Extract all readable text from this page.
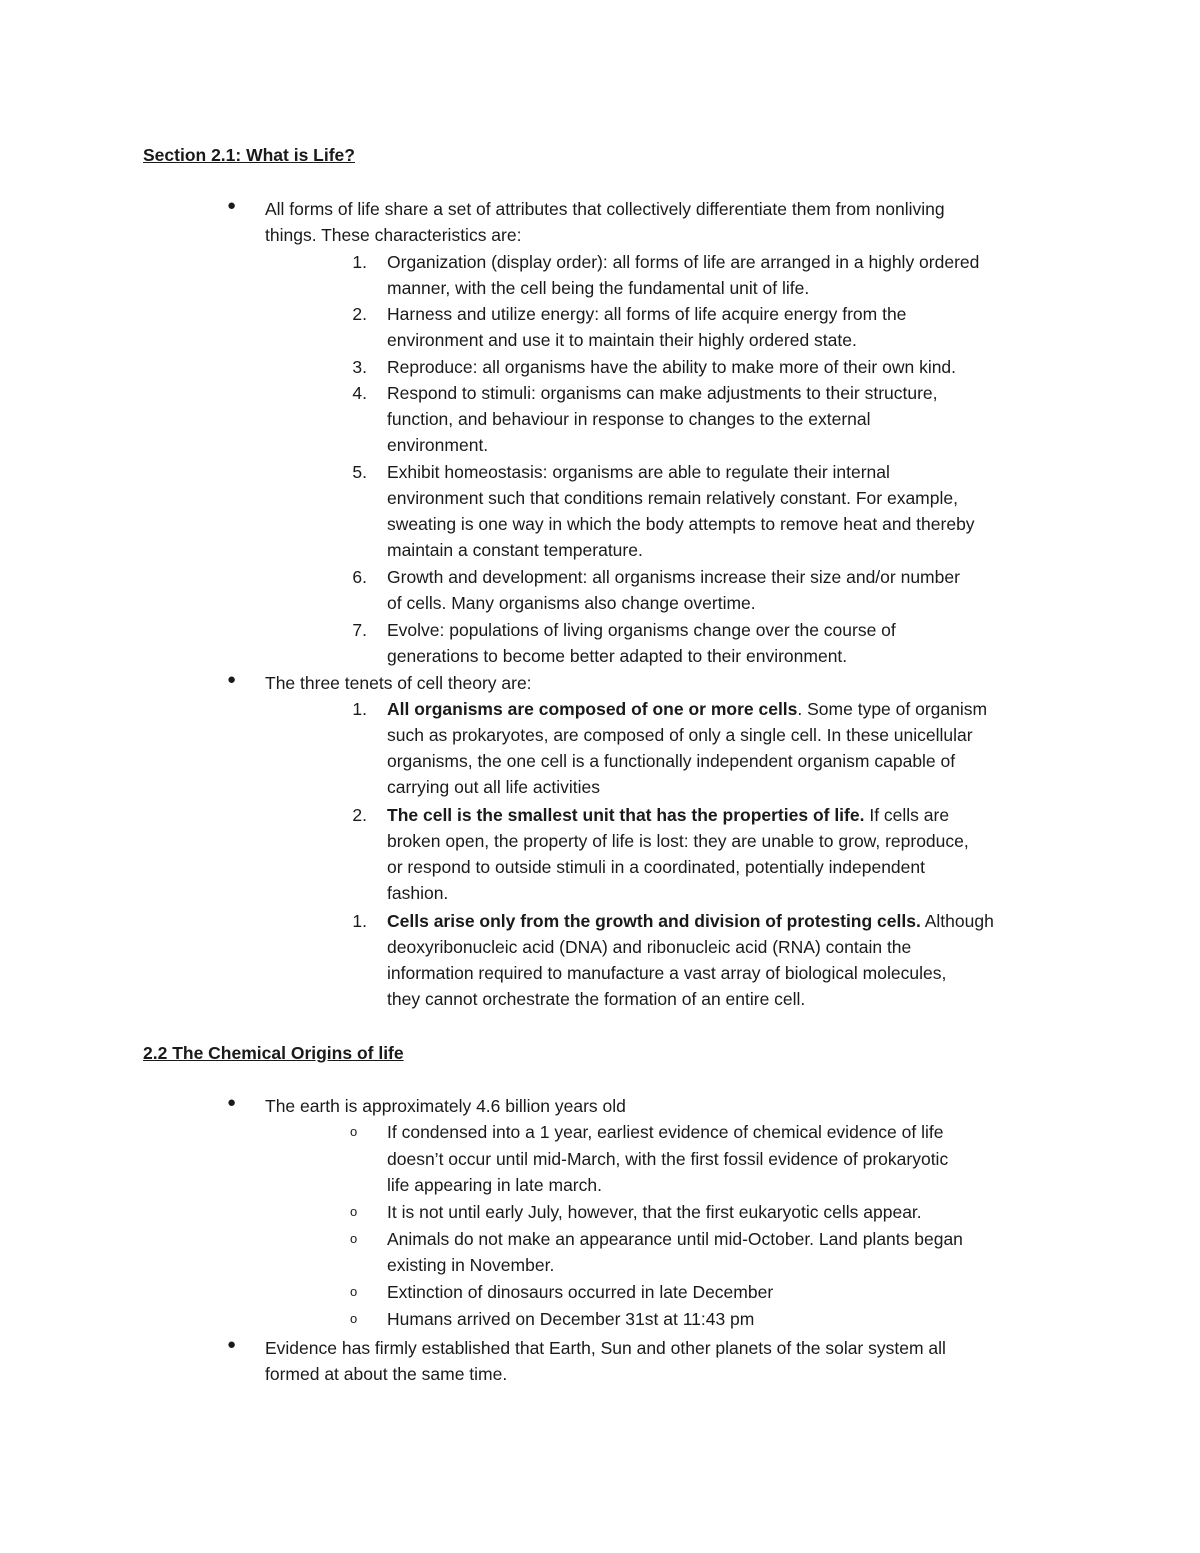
Section 2.1: What is Life?
● All forms of life share a set of attributes that collectively differentiate them from nonliving
things. These characteristics are:
1. Organization (display order): all forms of life are arranged in a highly ordered
manner, with the cell being the fundamental unit of life.
2. Harness and utilize energy: all forms of life acquire energy from the
environment and use it to maintain their highly ordered state.
3. Reproduce: all organisms have the ability to make more of their own kind.
4. Respond to stimuli: organisms can make adjustments to their structure,
function, and behaviour in response to changes to the external
environment.
5. Exhibit homeostasis: organisms are able to regulate their internal
environment such that conditions remain relatively constant. For example,
sweating is one way in which the body attempts to remove heat and thereby
maintain a constant temperature.
6. Growth and development: all organisms increase their size and/or number
of cells. Many organisms also change overtime.
7. Evolve: populations of living organisms change over the course of
generations to become better adapted to their environment.
● The three tenets of cell theory are:
1. All organisms are composed of one or more cells. Some type of organism
such as prokaryotes, are composed of only a single cell. In these unicellular
organisms, the one cell is a functionally independent organism capable of
carrying out all life activities
2. The cell is the smallest unit that has the properties of life. If cells are
broken open, the property of life is lost: they are unable to grow, reproduce,
or respond to outside stimuli in a coordinated, potentially independent
fashion.
1. Cells arise only from the growth and division of protesting cells. Although
deoxyribonucleic acid (DNA) and ribonucleic acid (RNA) contain the
information required to manufacture a vast array of biological molecules,
they cannot orchestrate the formation of an entire cell.
2.2 The Chemical Origins of life
● The earth is approximately 4.6 billion years old
o If condensed into a 1 year, earliest evidence of chemical evidence of life
doesn’t occur until mid-March, with the first fossil evidence of prokaryotic
life appearing in late march.
o It is not until early July, however, that the first eukaryotic cells appear.
o Animals do not make an appearance until mid-October. Land plants began
existing in November.
o Extinction of dinosaurs occurred in late December
o Humans arrived on December 31st at 11:43 pm
● Evidence has firmly established that Earth, Sun and other planets of the solar system all
formed at about the same time.
